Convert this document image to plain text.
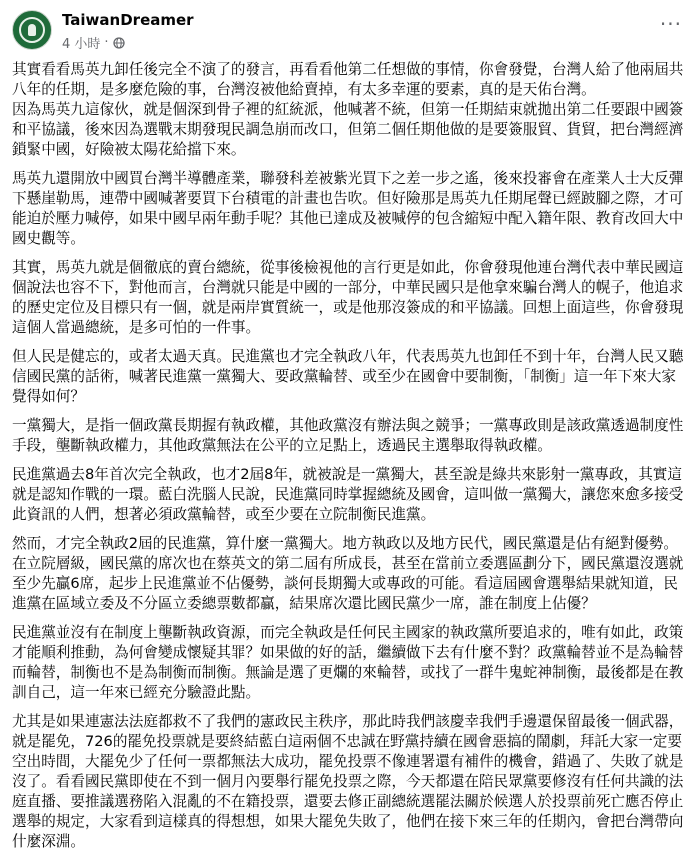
TaiwanDreamer
4 小時 ·
···

其實看看馬英九卸任後完全不演了的發言，再看看他第二任想做的事情，你會發覺，台灣人給了他兩屆共八年的任期，是多麼危險的事，台灣沒被他給賣掉，有太多幸運的要素，真的是天佑台灣。
因為馬英九這傢伙，就是個深到骨子裡的紅統派，他喊著不統，但第一任期結束就拋出第二任要跟中國簽和平協議，後來因為選戰末期發現民調急崩而改口，但第二個任期他做的是要簽服貿、貨貿，把台灣經濟鎖緊中國，好險被太陽花給擋下來。

馬英九還開放中國買台灣半導體產業，聯發科差被紫光買下之差一步之遙，後來投審會在產業人士大反彈下懸崖勒馬，連帶中國喊著要買下台積電的計畫也告吹。但好險那是馬英九任期尾聲已經跛腳之際，才可能迫於壓力喊停，如果中國早兩年動手呢？其他已達成及被喊停的包含縮短中配入籍年限、教育改回大中國史觀等。

其實，馬英九就是個徹底的賣台總統，從事後檢視他的言行更是如此，你會發現他連台灣代表中華民國這個說法也容不下，對他而言，台灣就只能是中國的一部分，中華民國只是他拿來騙台灣人的幌子，他追求的歷史定位及目標只有一個，就是兩岸實質統一，或是他那沒簽成的和平協議。回想上面這些，你會發現這個人當過總統，是多可怕的一件事。

但人民是健忘的，或者太過天真。民進黨也才完全執政八年，代表馬英九也卸任不到十年，台灣人民又聽信國民黨的話術，喊著民進黨一黨獨大、要政黨輪替、或至少在國會中要制衡，「制衡」這一年下來大家覺得如何？

一黨獨大，是指一個政黨長期握有執政權，其他政黨沒有辦法與之競爭；一黨專政則是該政黨透過制度性手段，壟斷執政權力，其他政黨無法在公平的立足點上，透過民主選舉取得執政權。

民進黨過去8年首次完全執政，也才2屆8年，就被說是一黨獨大，甚至說是綠共來影射一黨專政，其實這就是認知作戰的一環。藍白洗腦人民說，民進黨同時掌握總統及國會，這叫做一黨獨大，讓您來愈多接受此資訊的人們，想著必須政黨輪替，或至少要在立院制衡民進黨。

然而，才完全執政2屆的民進黨，算什麼一黨獨大。地方執政以及地方民代，國民黨還是佔有絕對優勢。在立院層級，國民黨的席次也在蔡英文的第二屆有所成長，甚至在當前立委選區劃分下，國民黨還沒選就至少先贏6席，起步上民進黨並不佔優勢，談何長期獨大或專政的可能。看這屆國會選舉結果就知道，民進黨在區域立委及不分區立委總票數都贏，結果席次還比國民黨少一席，誰在制度上佔優？

民進黨並沒有在制度上壟斷執政資源，而完全執政是任何民主國家的執政黨所要追求的，唯有如此，政策才能順利推動，為何會變成懷疑其罪？如果做的好的話，繼續做下去有什麼不對？政黨輪替並不是為輪替而輪替，制衡也不是為制衡而制衡。無論是選了更爛的來輪替，或找了一群牛鬼蛇神制衡，最後都是在教訓自己，這一年來已經充分驗證此點。

尤其是如果連憲法法庭都救不了我們的憲政民主秩序，那此時我們該慶幸我們手邊還保留最後一個武器，就是罷免，726的罷免投票就是要終結藍白這兩個不忠誠在野黨持續在國會惡搞的鬧劇，拜託大家一定要空出時間，大罷免少了任何一票都無法大成功，罷免投票不像連署還有補件的機會，錯過了、失敗了就是沒了。看看國民黨即使在不到一個月內要舉行罷免投票之際，今天都還在陪民眾黨要修沒有任何共識的法庭直播、要推議選務陷入混亂的不在籍投票，還要去修正副總統選罷法關於候選人於投票前死亡應否停止選舉的規定，大家看到這樣真的得想想，如果大罷免失敗了，他們在接下來三年的任期內，會把台灣帶向什麼深淵。
